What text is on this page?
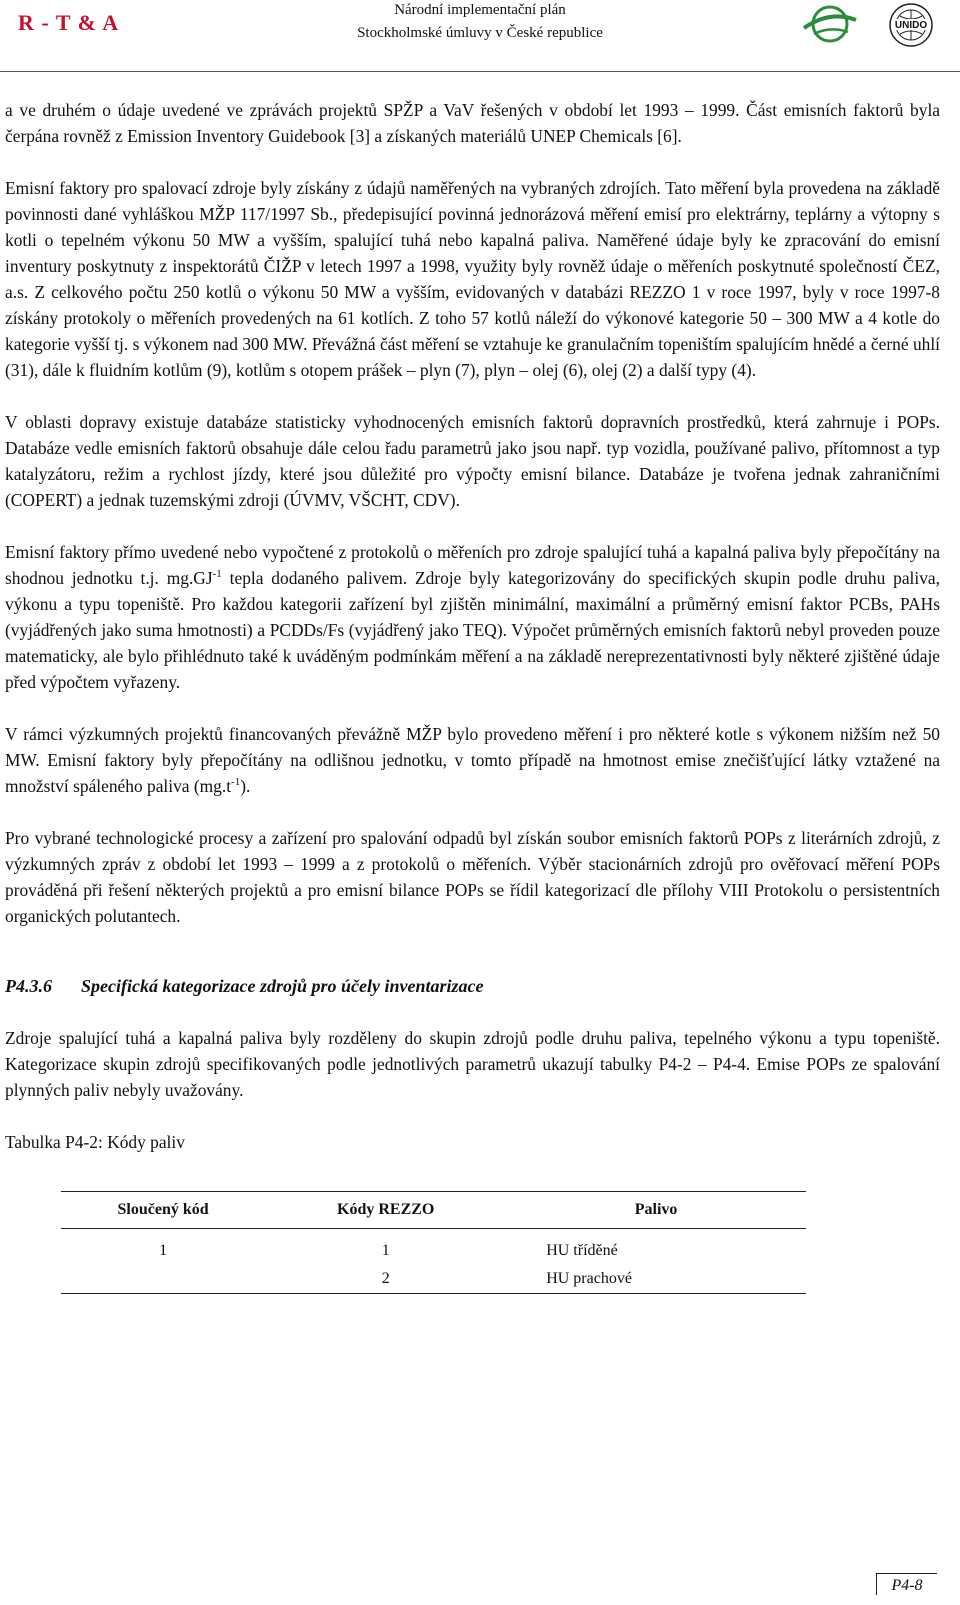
R - T & A	Národní implementační plán
Stockholmské úmluvy v České republice	UNIDO

a ve druhém o údaje uvedené ve zprávách projektů SPŽP a VaV řešených v období let 1993 – 1999. Část emisních faktorů byla čerpána rovněž z Emission Inventory Guidebook [3] a získaných materiálů UNEP Chemicals [6].

Emisní faktory pro spalovací zdroje byly získány z údajů naměřených na vybraných zdrojích. Tato měření byla provedena na základě povinnosti dané vyhláškou MŽP 117/1997 Sb., předepisující povinná jednorázová měření emisí pro elektrárny, teplárny a výtopny s kotli o tepelném výkonu 50 MW a vyšším, spalující tuhá nebo kapalná paliva. Naměřené údaje byly ke zpracování do emisní inventury poskytnuty z inspektorátů ČIŽP v letech 1997 a 1998, využity byly rovněž údaje o měřeních poskytnuté společností ČEZ, a.s. Z celkového počtu 250 kotlů o výkonu 50 MW a vyšším, evidovaných v databázi REZZO 1 v roce 1997, byly v roce 1997-8 získány protokoly o měřeních provedených na 61 kotlích. Z toho 57 kotlů náleží do výkonové kategorie 50 – 300 MW a 4 kotle do kategorie vyšší tj. s výkonem nad 300 MW. Převážná část měření se vztahuje ke granulačním topeništím spalujícím hnědé a černé uhlí (31), dále k fluidním kotlům (9), kotlům s otopem prášek – plyn (7), plyn – olej (6), olej (2) a další typy (4).

V oblasti dopravy existuje databáze statisticky vyhodnocených emisních faktorů dopravních prostředků, která zahrnuje i POPs. Databáze vedle emisních faktorů obsahuje dále celou řadu parametrů jako jsou např. typ vozidla, používané palivo, přítomnost a typ katalyzátoru, režim a rychlost jízdy, které jsou důležité pro výpočty emisní bilance. Databáze je tvořena jednak zahraničními (COPERT) a jednak tuzemskými zdroji (ÚVMV, VŠCHT, CDV).

Emisní faktory přímo uvedené nebo vypočtené z protokolů o měřeních pro zdroje spalující tuhá a kapalná paliva byly přepočítány na shodnou jednotku t.j. $mg.GJ^{-1}$ tepla dodaného palivem. Zdroje byly kategorizovány do specifických skupin podle druhu paliva, výkonu a typu topeniště. Pro každou kategorii zařízení byl zjištěn minimální, maximální a průměrný emisní faktor PCBs, PAHs (vyjádřených jako suma hmotnosti) a PCDDs/Fs (vyjádřený jako TEQ). Výpočet průměrných emisních faktorů nebyl proveden pouze matematicky, ale bylo přihlédnuto také k uváděným podmínkám měření a na základě nereprezentativnosti byly některé zjištěné údaje před výpočtem vyřazeny.

V rámci výzkumných projektů financovaných převážně MŽP bylo provedeno měření i pro některé kotle s výkonem nižším než 50 MW. Emisní faktory byly přepočítány na odlišnou jednotku, v tomto případě na hmotnost emise znečišťující látky vztažené na množství spáleného paliva $(mg.t^{-1})$.

Pro vybrané technologické procesy a zařízení pro spalování odpadů byl získán soubor emisních faktorů POPs z literárních zdrojů, z výzkumných zpráv z období let 1993 – 1999 a z protokolů o měřeních. Výběr stacionárních zdrojů pro ověřovací měření POPs prováděná při řešení některých projektů a pro emisní bilance POPs se řídil kategorizací dle přílohy VIII Protokolu o persistentních organických polutantech.

P4.3.6 Specifická kategorizace zdrojů pro účely inventarizace

Zdroje spalující tuhá a kapalná paliva byly rozděleny do skupin zdrojů podle druhu paliva, tepelného výkonu a typu topeniště. Kategorizace skupin zdrojů specifikovaných podle jednotlivých parametrů ukazují tabulky P4-2 – P4-4. Emise POPs ze spalování plynných paliv nebyly uvažovány.

Tabulka P4-2: Kódy paliv
Sloučený kód	Kódy REZZO	Palivo
1	1	HU tříděné
	2	HU prachové
P4-8
